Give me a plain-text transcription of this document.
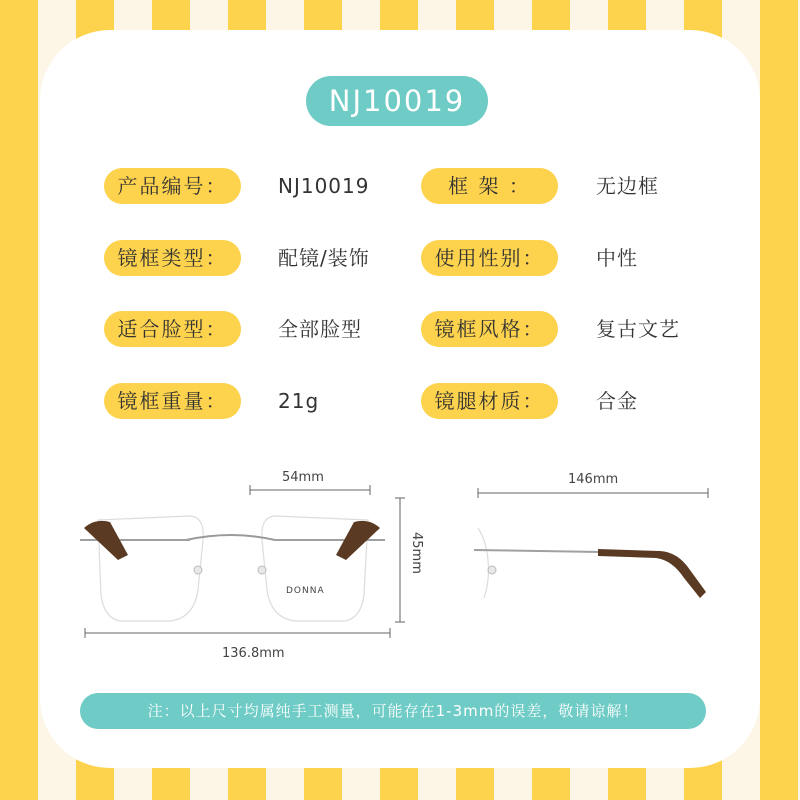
NJ10019
产品编号：	NJ10019	框 架 ：	无边框
镜框类型：	配镜/装饰	使用性别：	中性
适合脸型：	全部脸型	镜框风格：	复古文艺
镜框重量：	21g	镜腿材质：	合金
54mm
45mm
136.8mm
146mm
DONNA
注：以上尺寸均属纯手工测量，可能存在1-3mm的误差，敬请谅解！
